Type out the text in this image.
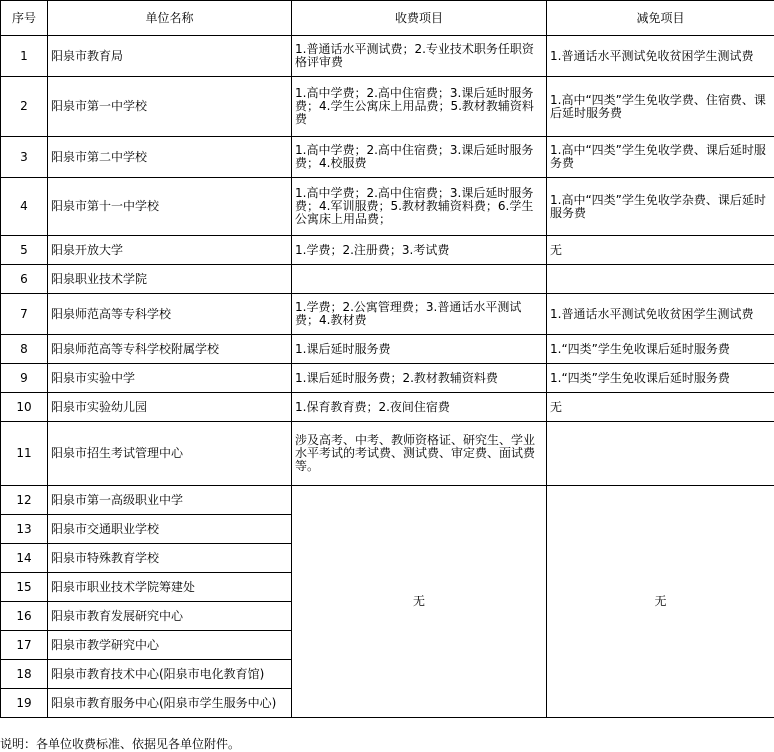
序号	单位名称	收费项目	减免项目
1	阳泉市教育局	1.普通话水平测试费；2.专业技术职务任职资格评审费	1.普通话水平测试免收贫困学生测试费
2	阳泉市第一中学校	1.高中学费；2.高中住宿费；3.课后延时服务费；4.学生公寓床上用品费；5.教材教辅资料费	1.高中“四类”学生免收学费、住宿费、课后延时服务费
3	阳泉市第二中学校	1.高中学费；2.高中住宿费；3.课后延时服务费；4.校服费	1.高中“四类”学生免收学费、课后延时服务费
4	阳泉市第十一中学校	1.高中学费；2.高中住宿费；3.课后延时服务费；4.军训服费；5.教材教辅资料费；6.学生公寓床上用品费；	1.高中“四类”学生免收学杂费、课后延时服务费
5	阳泉开放大学	1.学费；2.注册费；3.考试费	无
6	阳泉职业技术学院		
7	阳泉师范高等专科学校	1.学费；2.公寓管理费；3.普通话水平测试费；4.教材费	1.普通话水平测试免收贫困学生测试费
8	阳泉师范高等专科学校附属学校	1.课后延时服务费	1.“四类”学生免收课后延时服务费
9	阳泉市实验中学	1.课后延时服务费；2.教材教辅资料费	1.“四类”学生免收课后延时服务费
10	阳泉市实验幼儿园	1.保育教育费；2.夜间住宿费	无
11	阳泉市招生考试管理中心	涉及高考、中考、教师资格证、研究生、学业水平考试的考试费、测试费、审定费、面试费等。	
12	阳泉市第一高级职业中学	无	无
13	阳泉市交通职业学校		
14	阳泉市特殊教育学校		
15	阳泉市职业技术学院筹建处		
16	阳泉市教育发展研究中心		
17	阳泉市教学研究中心		
18	阳泉市教育技术中心(阳泉市电化教育馆)		
19	阳泉市教育服务中心(阳泉市学生服务中心)		
说明：各单位收费标准、依据见各单位附件。
